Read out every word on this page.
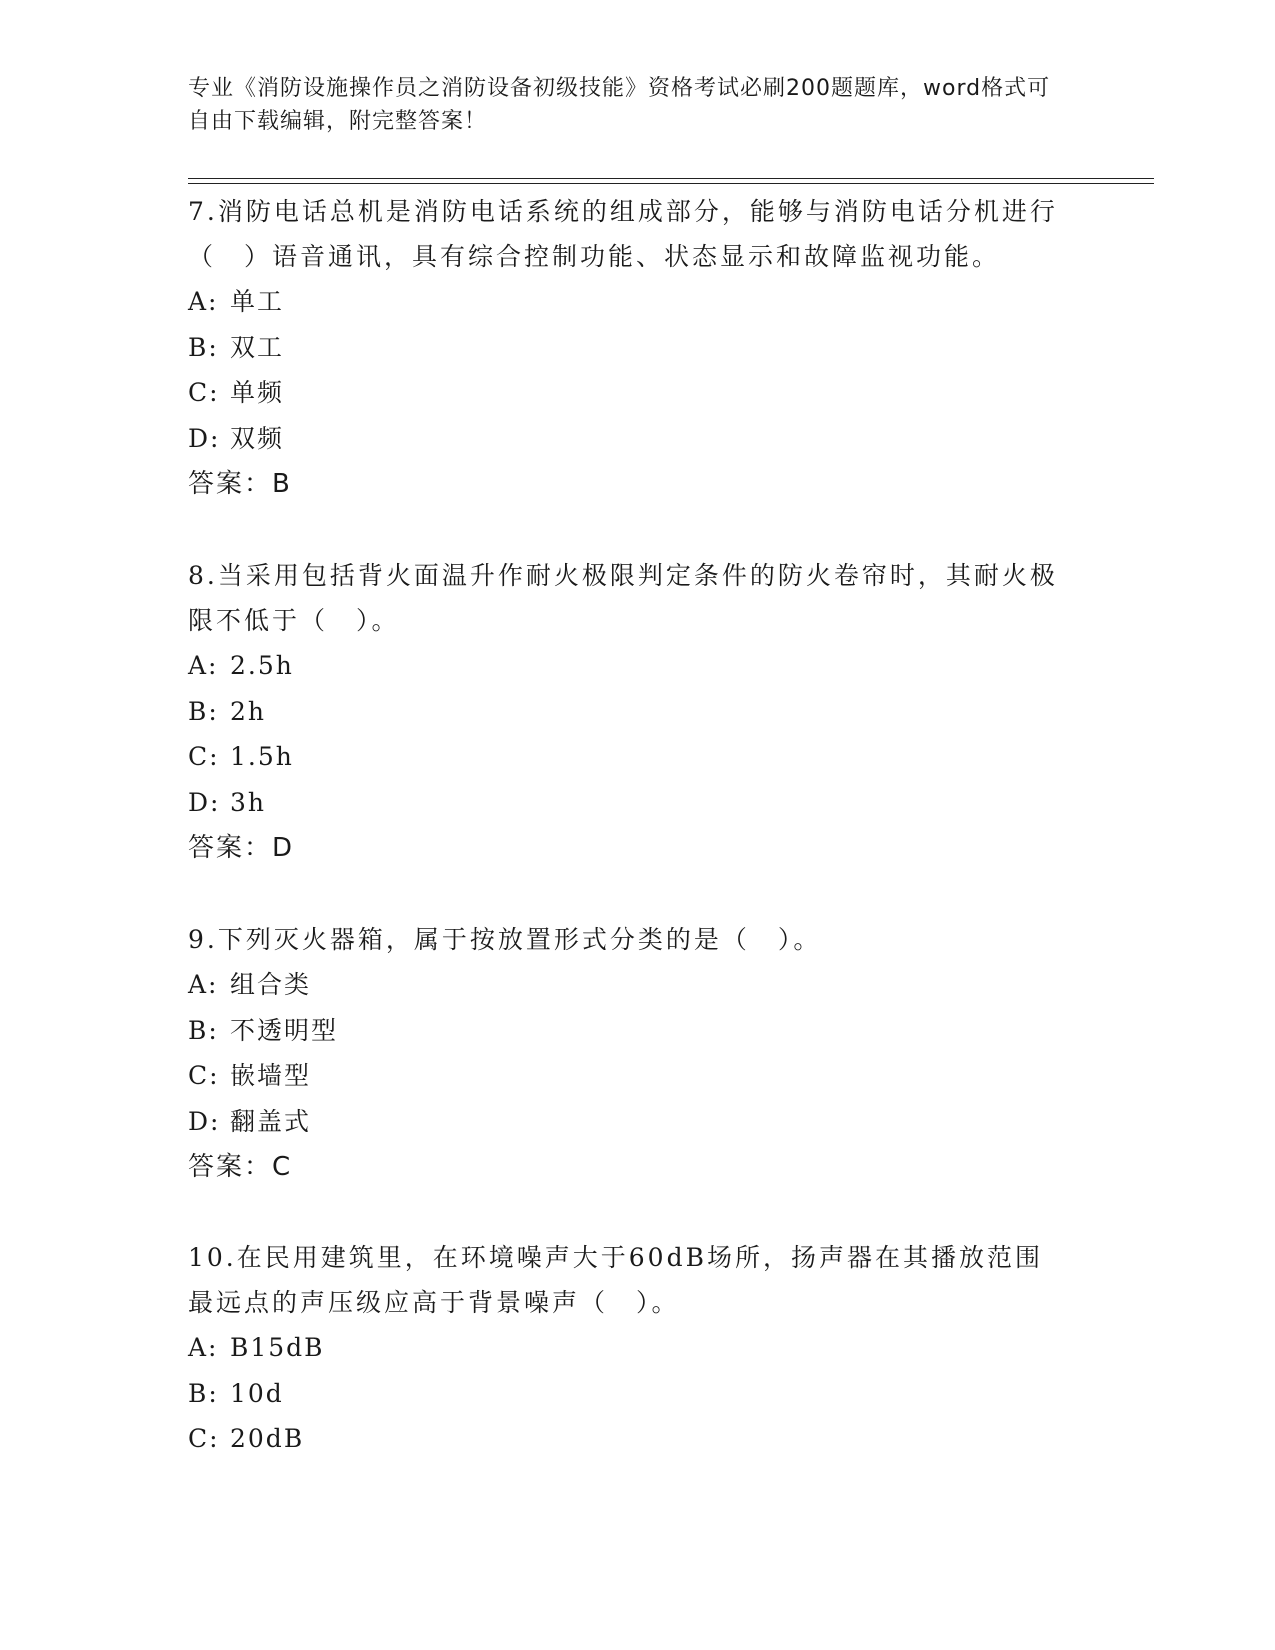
专业《消防设施操作员之消防设备初级技能》资格考试必刷200题题库，word格式可自由下载编辑，附完整答案！

7.消防电话总机是消防电话系统的组成部分，能够与消防电话分机进行（　）语音通讯，具有综合控制功能、状态显示和故障监视功能。

A: 单工

B: 双工

C: 单频

D: 双频

答案：B

8.当采用包括背火面温升作耐火极限判定条件的防火卷帘时，其耐火极限不低于（　）。

A: 2.5h

B: 2h

C: 1.5h

D: 3h

答案：D

9.下列灭火器箱，属于按放置形式分类的是（　）。

A: 组合类

B: 不透明型

C: 嵌墙型

D: 翻盖式

答案：C

10.在民用建筑里，在环境噪声大于60dB场所，扬声器在其播放范围最远点的声压级应高于背景噪声（　）。

A: B15dB

B: 10d

C: 20dB
